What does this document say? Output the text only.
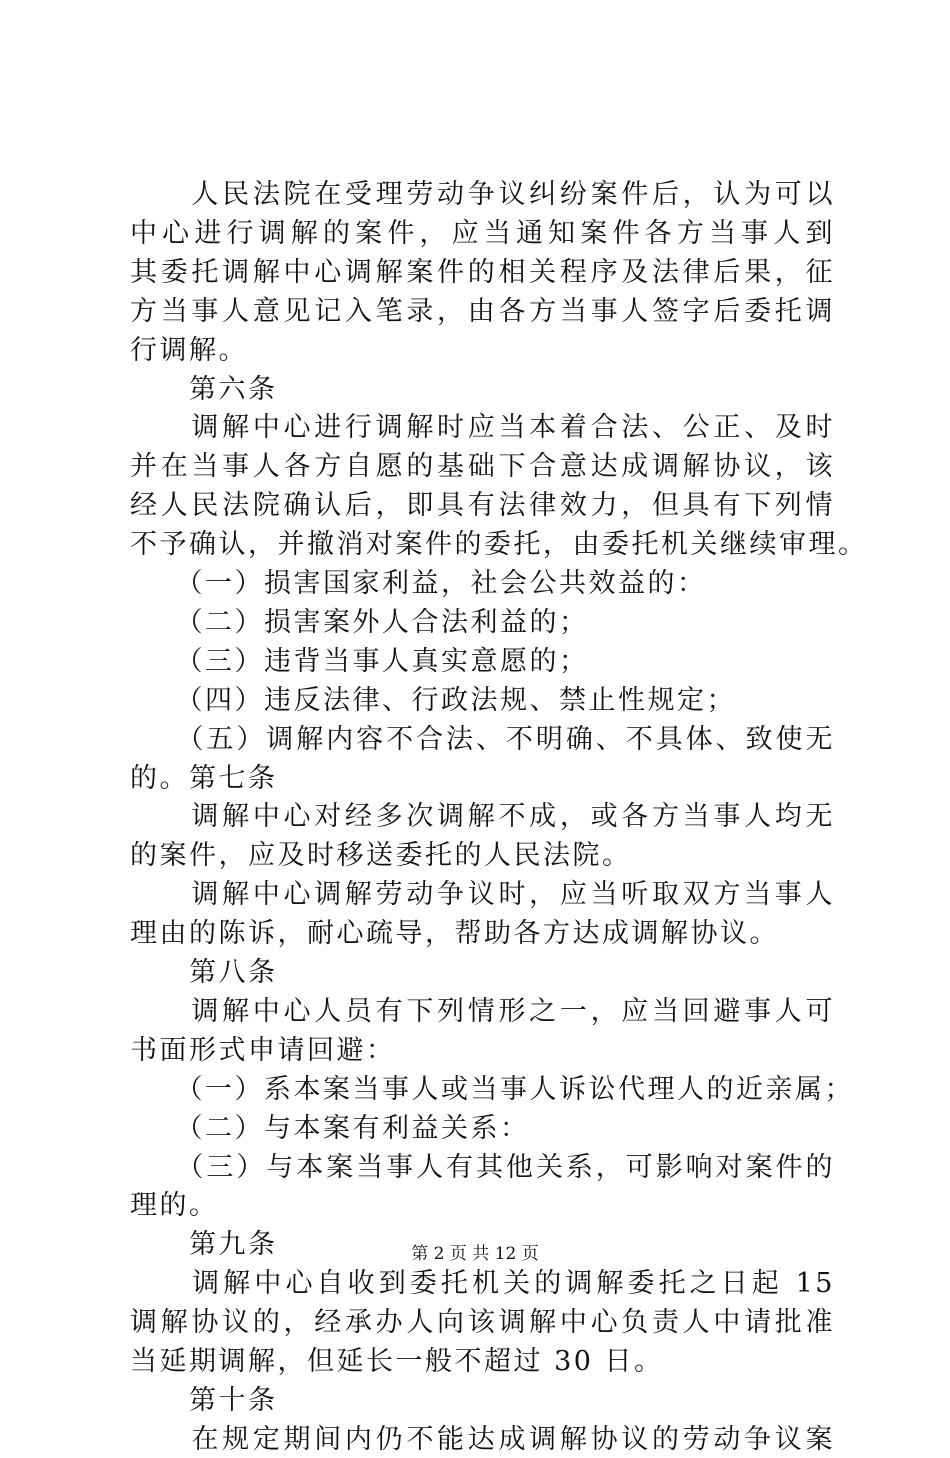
　　人民法院在受理劳动争议纠纷案件后，认为可以
中心进行调解的案件，应当通知案件各方当事人到
其委托调解中心调解案件的相关程序及法律后果，征
方当事人意见记入笔录，由各方当事人签字后委托调
行调解。
　　第六条
　　调解中心进行调解时应当本着合法、公正、及时
并在当事人各方自愿的基础下合意达成调解协议，该
经人民法院确认后，即具有法律效力，但具有下列情
不予确认，并撤消对案件的委托，由委托机关继续审理。
　　（一）损害国家利益，社会公共效益的：
　　（二）损害案外人合法利益的；
　　（三）违背当事人真实意愿的；
　　（四）违反法律、行政法规、禁止性规定；
　　（五）调解内容不合法、不明确、不具体、致使无
的。第七条
　　调解中心对经多次调解不成，或各方当事人均无
的案件，应及时移送委托的人民法院。
　　调解中心调解劳动争议时，应当听取双方当事人
理由的陈诉，耐心疏导，帮助各方达成调解协议。
　　第八条
　　调解中心人员有下列情形之一，应当回避事人可
书面形式申请回避：
　　（一）系本案当事人或当事人诉讼代理人的近亲属；
　　（二）与本案有利益关系：
　　（三）与本案当事人有其他关系，可影响对案件的
理的。
　　第九条
　　调解中心自收到委托机关的调解委托之日起 15
调解协议的，经承办人向该调解中心负责人中请批准
当延期调解，但延长一般不超过 30 日。
　　第十条
　　在规定期间内仍不能达成调解协议的劳动争议案
第 2 页 共 12 页
